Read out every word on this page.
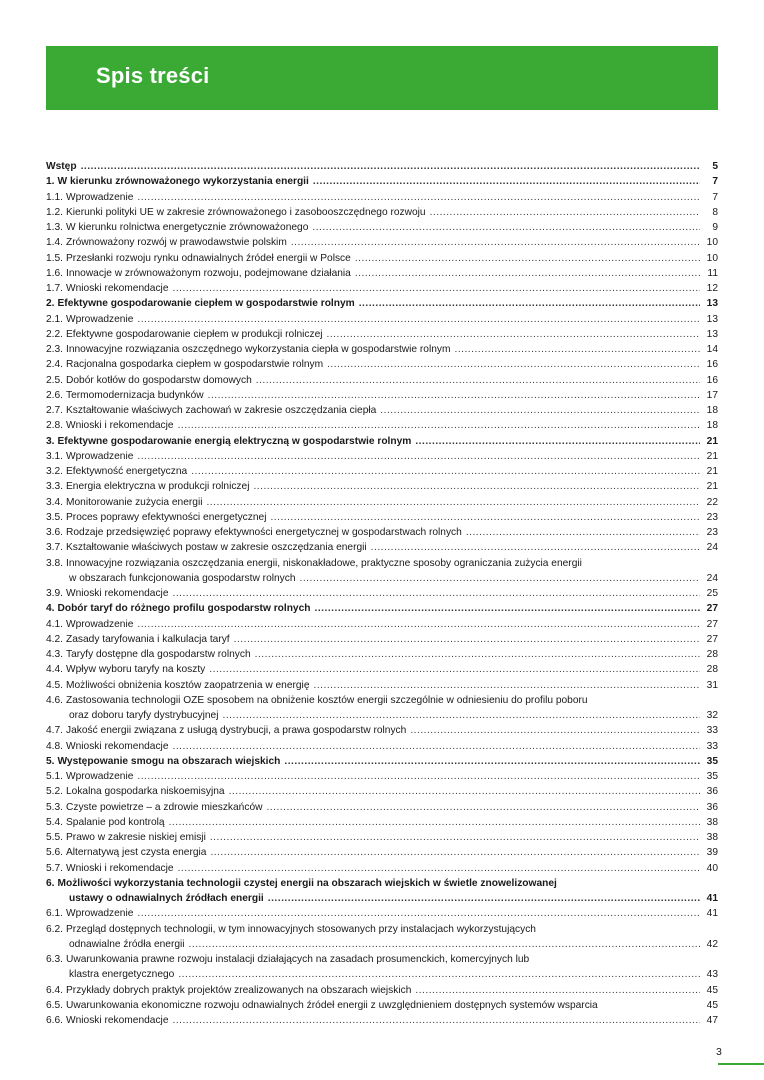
Spis treści
Wstęp .....	5
1. W kierunku zrównoważonego wykorzystania energii .....	7
1.1. Wprowadzenie .....	7
1.2. Kierunki polityki UE w zakresie zrównoważonego i zasobooszczędnego rozwoju .....	8
1.3. W kierunku rolnictwa energetycznie zrównoważonego .....	9
1.4. Zrównoważony rozwój w prawodawstwie polskim .....	10
1.5. Przesłanki rozwoju rynku odnawialnych źródeł energii w Polsce .....	10
1.6. Innowacje w zrównoważonym rozwoju, podejmowane działania .....	11
1.7. Wnioski rekomendacje .....	12
2. Efektywne gospodarowanie ciepłem w gospodarstwie rolnym .....	13
2.1. Wprowadzenie .....	13
2.2. Efektywne gospodarowanie ciepłem w produkcji rolniczej .....	13
2.3. Innowacyjne rozwiązania oszczędnego wykorzystania ciepła w gospodarstwie rolnym .....	14
2.4. Racjonalna gospodarka ciepłem w gospodarstwie rolnym .....	16
2.5. Dobór kotłów do gospodarstw domowych .....	16
2.6. Termomodernizacja budynków .....	17
2.7. Kształtowanie właściwych zachowań w zakresie oszczędzania ciepła .....	18
2.8. Wnioski i rekomendacje .....	18
3. Efektywne gospodarowanie energią elektryczną w gospodarstwie rolnym .....	21
3.1. Wprowadzenie .....	21
3.2. Efektywność energetyczna .....	21
3.3. Energia elektryczna w produkcji rolniczej .....	21
3.4. Monitorowanie zużycia energii .....	22
3.5. Proces poprawy efektywności energetycznej .....	23
3.6. Rodzaje przedsięwzięć poprawy efektywności energetycznej w gospodarstwach rolnych .....	23
3.7. Kształtowanie właściwych postaw w zakresie oszczędzania energii .....	24
3.8. Innowacyjne rozwiązania oszczędzania energii, niskonakładowe, praktyczne sposoby ograniczania zużycia energii
w obszarach funkcjonowania gospodarstw rolnych .....	24
3.9. Wnioski rekomendacje .....	25
4. Dobór taryf do różnego profilu gospodarstw rolnych .....	27
4.1. Wprowadzenie .....	27
4.2. Zasady taryfowania i kalkulacja taryf .....	27
4.3. Taryfy dostępne dla gospodarstw rolnych .....	28
4.4. Wpływ wyboru taryfy na koszty .....	28
4.5. Możliwości obniżenia kosztów zaopatrzenia w energię .....	31
4.6. Zastosowania technologii OZE sposobem na obniżenie kosztów energii szczególnie w odniesieniu do profilu poboru
oraz doboru taryfy dystrybucyjnej .....	32
4.7. Jakość energii związana z usługą dystrybucji, a prawa gospodarstw rolnych .....	33
4.8. Wnioski rekomendacje .....	33
5. Występowanie smogu na obszarach wiejskich .....	35
5.1. Wprowadzenie .....	35
5.2. Lokalna gospodarka niskoemisyjna .....	36
5.3. Czyste powietrze – a zdrowie mieszkańców .....	36
5.4. Spalanie pod kontrolą .....	38
5.5. Prawo w zakresie niskiej emisji .....	38
5.6. Alternatywą jest czysta energia .....	39
5.7. Wnioski i rekomendacje .....	40
6. Możliwości wykorzystania technologii czystej energii na obszarach wiejskich w świetle znowelizowanej
ustawy o odnawialnych źródłach energii .....	41
6.1. Wprowadzenie .....	41
6.2. Przegląd dostępnych technologii, w tym innowacyjnych stosowanych przy instalacjach wykorzystujących
odnawialne źródła energii .....	42
6.3. Uwarunkowania prawne rozwoju instalacji działających na zasadach prosumenckich, komercyjnych lub
klastra energetycznego .....	43
6.4. Przykłady dobrych praktyk projektów zrealizowanych na obszarach wiejskich .....	45
6.5. Uwarunkowania ekonomiczne rozwoju odnawialnych źródeł energii z uwzględnieniem dostępnych systemów wsparcia	45
6.6. Wnioski rekomendacje .....	47
3
